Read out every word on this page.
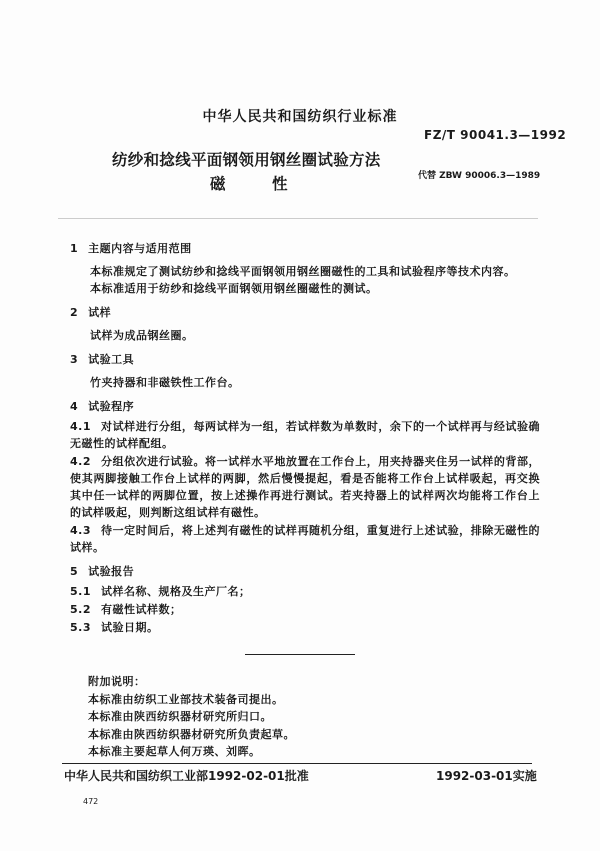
中华人民共和国纺织行业标准
FZ/T 90041.3—1992
纺纱和捻线平面钢领用钢丝圈试验方法
磁　　　性	代替 ZBW 90006.3—1989
1 主题内容与适用范围
本标准规定了测试纺纱和捻线平面钢领用钢丝圈磁性的工具和试验程序等技术内容。
本标准适用于纺纱和捻线平面钢领用钢丝圈磁性的测试。
2 试样
试样为成品钢丝圈。
3 试验工具
竹夹持器和非磁铁性工作台。
4 试验程序
4.1 对试样进行分组，每两试样为一组，若试样数为单数时，余下的一个试样再与经试验确无磁性的试样配组。
4.2 分组依次进行试验。将一试样水平地放置在工作台上，用夹持器夹住另一试样的背部，使其两脚接触工作台上试样的两脚，然后慢慢提起，看是否能将工作台上试样吸起，再交换其中任一试样的两脚位置，按上述操作再进行测试。若夹持器上的试样两次均能将工作台上的试样吸起，则判断这组试样有磁性。
4.3 待一定时间后，将上述判有磁性的试样再随机分组，重复进行上述试验，排除无磁性的试样。
5 试验报告
5.1 试样名称、规格及生产厂名；
5.2 有磁性试样数；
5.3 试验日期。
附加说明：
本标准由纺织工业部技术装备司提出。
本标准由陕西纺织器材研究所归口。
本标准由陕西纺织器材研究所负责起草。
本标准主要起草人何万瑛、刘晖。
中华人民共和国纺织工业部1992-02-01批准	1992-03-01实施
472
